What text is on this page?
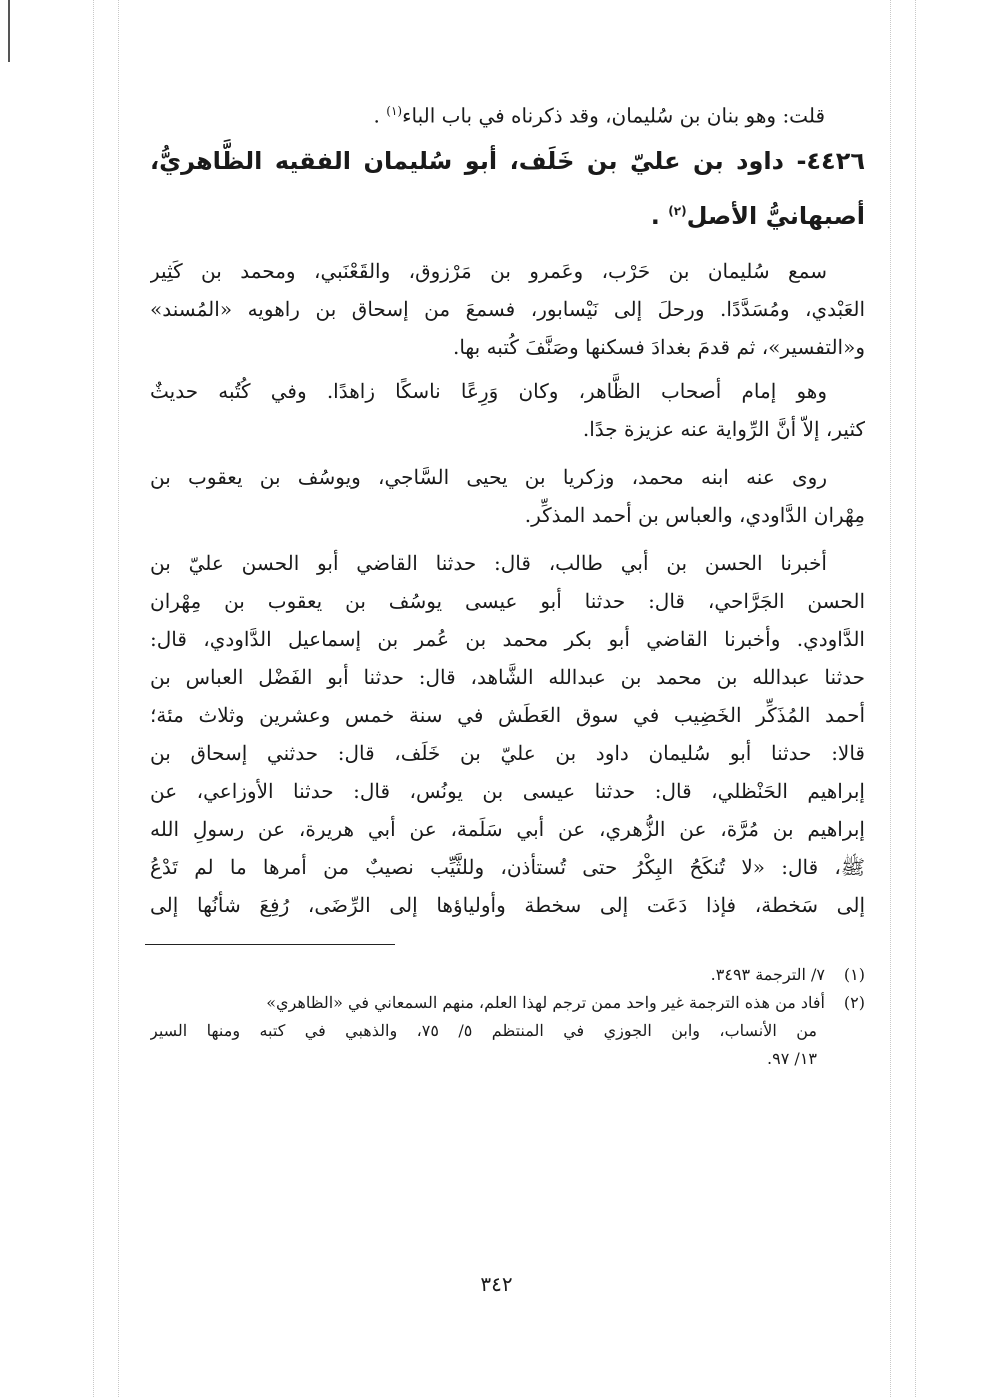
قلت: وهو بنان بن سُليمان، وقد ذكرناه في باب الباء$^{(١)}$ .
٤٤٢٦- داود بن عليّ بن خَلَف، أبو سُليمان الفقيه الظَّاهريُّ،
أصبهانيُّ الأصل$^{(٢)}$ .
سمع سُليمان بن حَرْب، وعَمرو بن مَرْزوق، والقَعْنَبي، ومحمد بن كَثِير
العَبْدي، ومُسَدَّدًا. ورحلَ إلى نَيْسابور، فسمعَ من إسحاق بن راهويه «المُسند»
و«التفسير»، ثم قدمَ بغدادَ فسكنها وصَنَّفَ كُتبه بها.
وهو إمام أصحاب الظَّاهر، وكان وَرِعًا ناسكًا زاهدًا. وفي كُتُبه حديثٌ
كثير، إلاّ أنَّ الرِّواية عنه عزيزة جدًا.
روى عنه ابنه محمد، وزكريا بن يحيى السَّاجي، ويوسُف بن يعقوب بن
مِهْران الدَّاودي، والعباس بن أحمد المذكِّر.
أخبرنا الحسن بن أبي طالب، قال: حدثنا القاضي أبو الحسن عليّ بن
الحسن الجَرَّاحي، قال: حدثنا أبو عيسى يوسُف بن يعقوب بن مِهْران
الدَّاودي. وأخبرنا القاضي أبو بكر محمد بن عُمر بن إسماعيل الدَّاودي، قال:
حدثنا عبدالله بن محمد بن عبدالله الشَّاهد، قال: حدثنا أبو الفَضْل العباس بن
أحمد المُذَكِّر الخَضِيب في سوق العَطَش في سنة خمس وعشرين وثلاث مئة؛
قالا: حدثنا أبو سُليمان داود بن عليّ بن خَلَف، قال: حدثني إسحاق بن
إبراهيم الحَنْظلي، قال: حدثنا عيسى بن يونُس، قال: حدثنا الأوزاعي، عن
إبراهيم بن مُرَّة، عن الزُّهري، عن أبي سَلَمة، عن أبي هريرة، عن رسولِ الله
ﷺ، قال: «لا تُنكَحُ البِكْرُ حتى تُستأذن، وللثَّيِّب نصيبٌ من أمرها ما لم تَدْعُ
إلى سَخطة، فإذا دَعَت إلى سخطة وأولياؤها إلى الرِّضَى، رُفِعَ شأنُها إلى
(١)٧/ الترجمة ٣٤٩٣.
(٢)أفاد من هذه الترجمة غير واحد ممن ترجم لهذا العلم، منهم السمعاني في «الظاهري»
من الأنساب، وابن الجوزي في المنتظم ٥/ ٧٥، والذهبي في كتبه ومنها السير
١٣/ ٩٧.
٣٤٢
